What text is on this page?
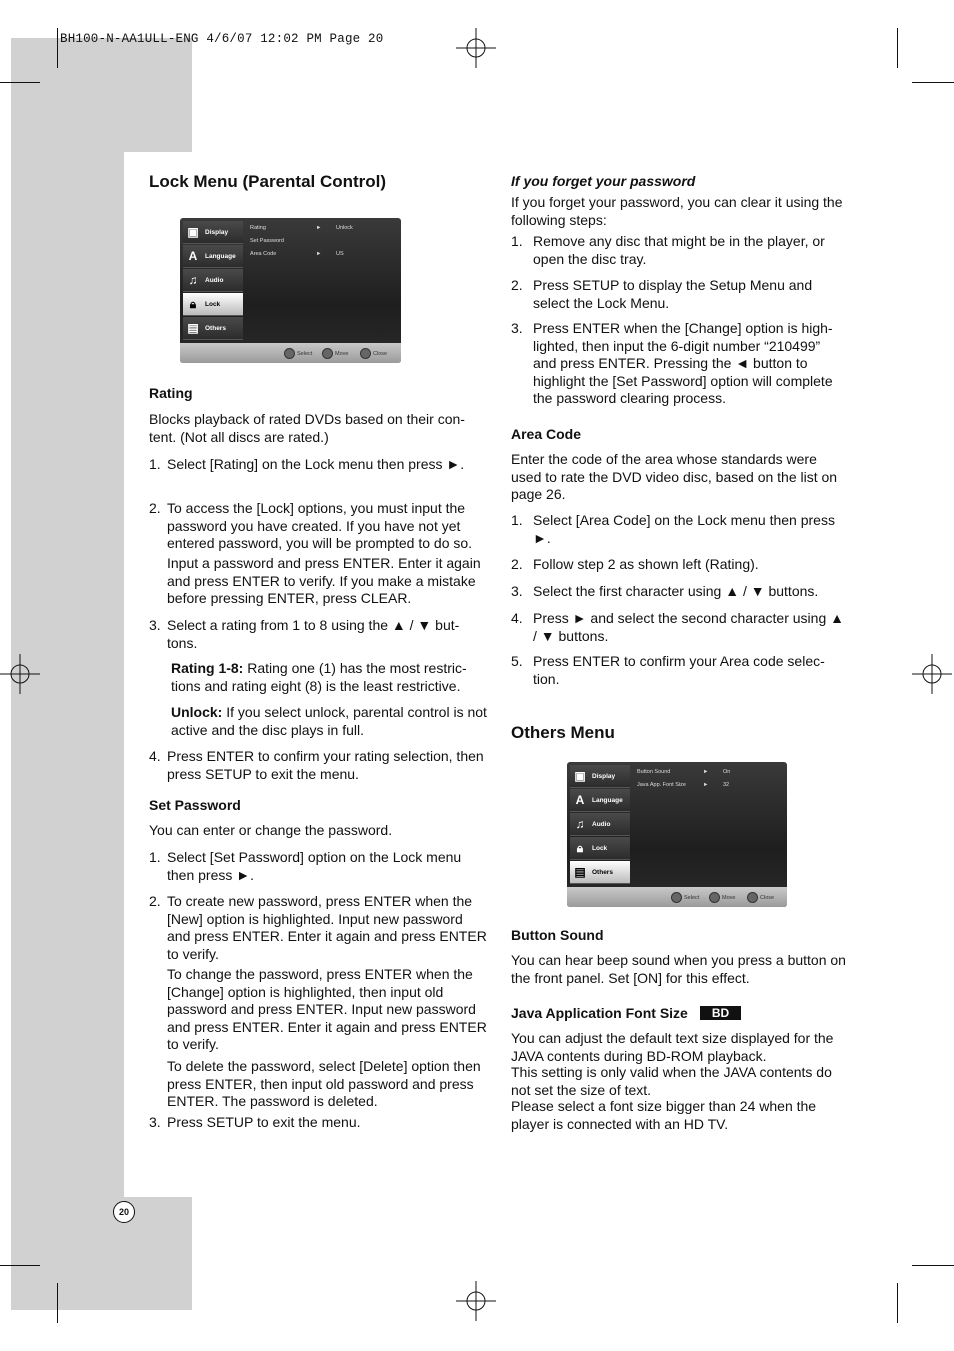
BH100-N-AA1ULL-ENG 4/6/07 12:02 PM Page 20
Lock Menu (Parental Control)
▣ Display
A Language
♫ Audio
🔒︎	Lock
▤ Others
Rating	►	Unlock
Set Password
Area Code	►	US
Select	Move	Close
Rating
Blocks playback of rated DVDs based on their con-tent. (Not all discs are rated.)
1. Select [Rating] on the Lock menu then press ►.
2. To access the [Lock] options, you must input the password you have created. If you have not yet entered password, you will be prompted to do so.
Input a password and press ENTER. Enter it again and press ENTER to verify. If you make a mistake before pressing ENTER, press CLEAR.
3. Select a rating from 1 to 8 using the ▲ / ▼ but-tons.
Rating 1-8: Rating one (1) has the most restric-tions and rating eight (8) is the least restrictive.
Unlock: If you select unlock, parental control is not active and the disc plays in full.
4. Press ENTER to confirm your rating selection, then press SETUP to exit the menu.
Set Password
You can enter or change the password.
1. Select [Set Password] option on the Lock menu then press ►.
2. To create new password, press ENTER when the [New] option is highlighted. Input new password and press ENTER. Enter it again and press ENTER to verify.
To change the password, press ENTER when the [Change] option is highlighted, then input old password and press ENTER. Input new password and press ENTER. Enter it again and press ENTER to verify.
To delete the password, select [Delete] option then press ENTER, then input old password and press ENTER. The password is deleted.
3. Press SETUP to exit the menu.
If you forget your password
If you forget your password, you can clear it using the following steps:
1. Remove any disc that might be in the player, or open the disc tray.
2. Press SETUP to display the Setup Menu and select the Lock Menu.
3. Press ENTER when the [Change] option is high-lighted, then input the 6-digit number “210499” and press ENTER. Pressing the ◄ button to highlight the [Set Password] option will complete the password clearing process.
Area Code
Enter the code of the area whose standards were used to rate the DVD video disc, based on the list on page 26.
1. Select [Area Code] on the Lock menu then press ►.
2. Follow step 2 as shown left (Rating).
3. Select the first character using ▲ / ▼ buttons.
4. Press ► and select the second character using ▲ / ▼ buttons.
5. Press ENTER to confirm your Area code selec-tion.
Others Menu
▣ Display
A Language
♫ Audio
🔒︎	Lock
▤ Others
Button Sound	►	On
Java App. Font Size	►	32
Select	Move	Close
Button Sound
You can hear beep sound when you press a button on the front panel. Set [ON] for this effect.
Java Application Font Size	BD
You can adjust the default text size displayed for the JAVA contents during BD-ROM playback.
This setting is only valid when the JAVA contents do not set the size of text.
Please select a font size bigger than 24 when the player is connected with an HD TV.
20
